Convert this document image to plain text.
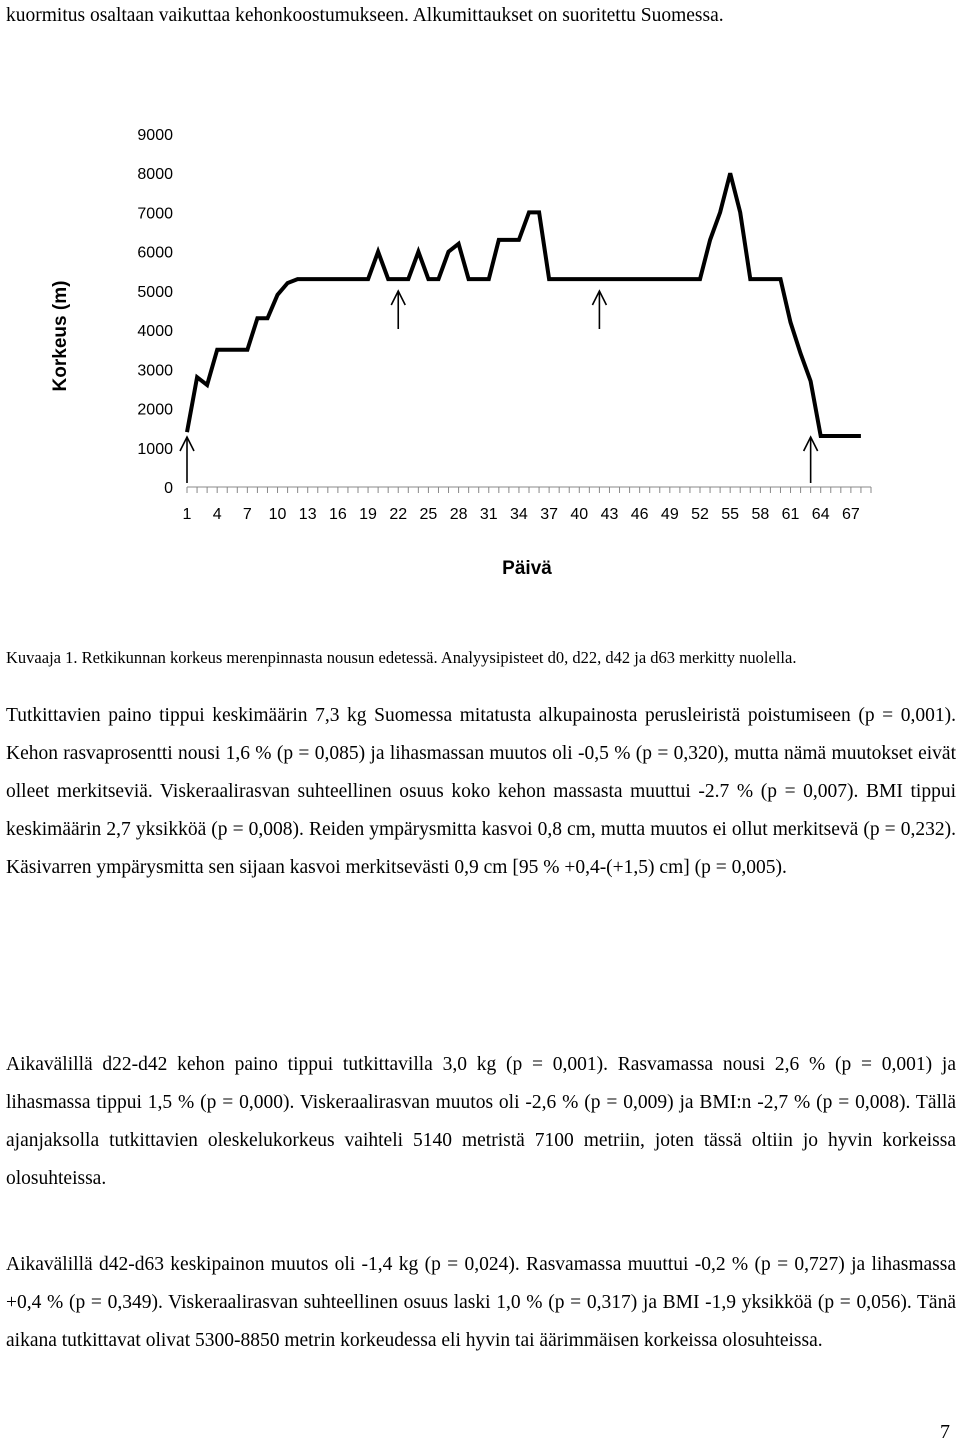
kuormitus osaltaan vaikuttaa kehonkoostumukseen. Alkumittaukset on suoritettu Suomessa.
Korkeus (m)
Päivä
0
1000
2000
3000
4000
5000
6000
7000
8000
9000
1 4 7 10 13 16 19 22 25 28 31 34 37 40 43 46 49 52 55 58 61 64 67
Kuvaaja 1. Retkikunnan korkeus merenpinnasta nousun edetessä. Analyysipisteet d0, d22, d42 ja d63 merkitty nuolella.

Tutkittavien paino tippui keskimäärin 7,3 kg Suomessa mitatusta alkupainosta perusleiristä poistumiseen (p = 0,001). Kehon rasvaprosentti nousi 1,6 % (p = 0,085) ja lihasmassan muutos oli -0,5 % (p = 0,320), mutta nämä muutokset eivät olleet merkitseviä. Viskeraalirasvan suhteellinen osuus koko kehon massasta muuttui -2.7 % (p = 0,007). BMI tippui keskimäärin 2,7 yksikköä (p = 0,008). Reiden ympärysmitta kasvoi 0,8 cm, mutta muutos ei ollut merkitsevä (p = 0,232). Käsivarren ympärysmitta sen sijaan kasvoi merkitsevästi 0,9 cm [95 % +0,4-(+1,5) cm] (p = 0,005).

Aikavälillä d22-d42 kehon paino tippui tutkittavilla 3,0 kg (p = 0,001). Rasvamassa nousi 2,6 % (p = 0,001) ja lihasmassa tippui 1,5 % (p = 0,000). Viskeraalirasvan muutos oli -2,6 % (p = 0,009) ja BMI:n -2,7 % (p = 0,008). Tällä ajanjaksolla tutkittavien oleskelukorkeus vaihteli 5140 metristä 7100 metriin, joten tässä oltiin jo hyvin korkeissa olosuhteissa.

Aikavälillä d42-d63 keskipainon muutos oli -1,4 kg (p = 0,024). Rasvamassa muuttui -0,2 % (p = 0,727) ja lihasmassa +0,4 % (p = 0,349). Viskeraalirasvan suhteellinen osuus laski 1,0 % (p = 0,317) ja BMI -1,9 yksikköä (p = 0,056). Tänä aikana tutkittavat olivat 5300-8850 metrin korkeudessa eli hyvin tai äärimmäisen korkeissa olosuhteissa.

7
